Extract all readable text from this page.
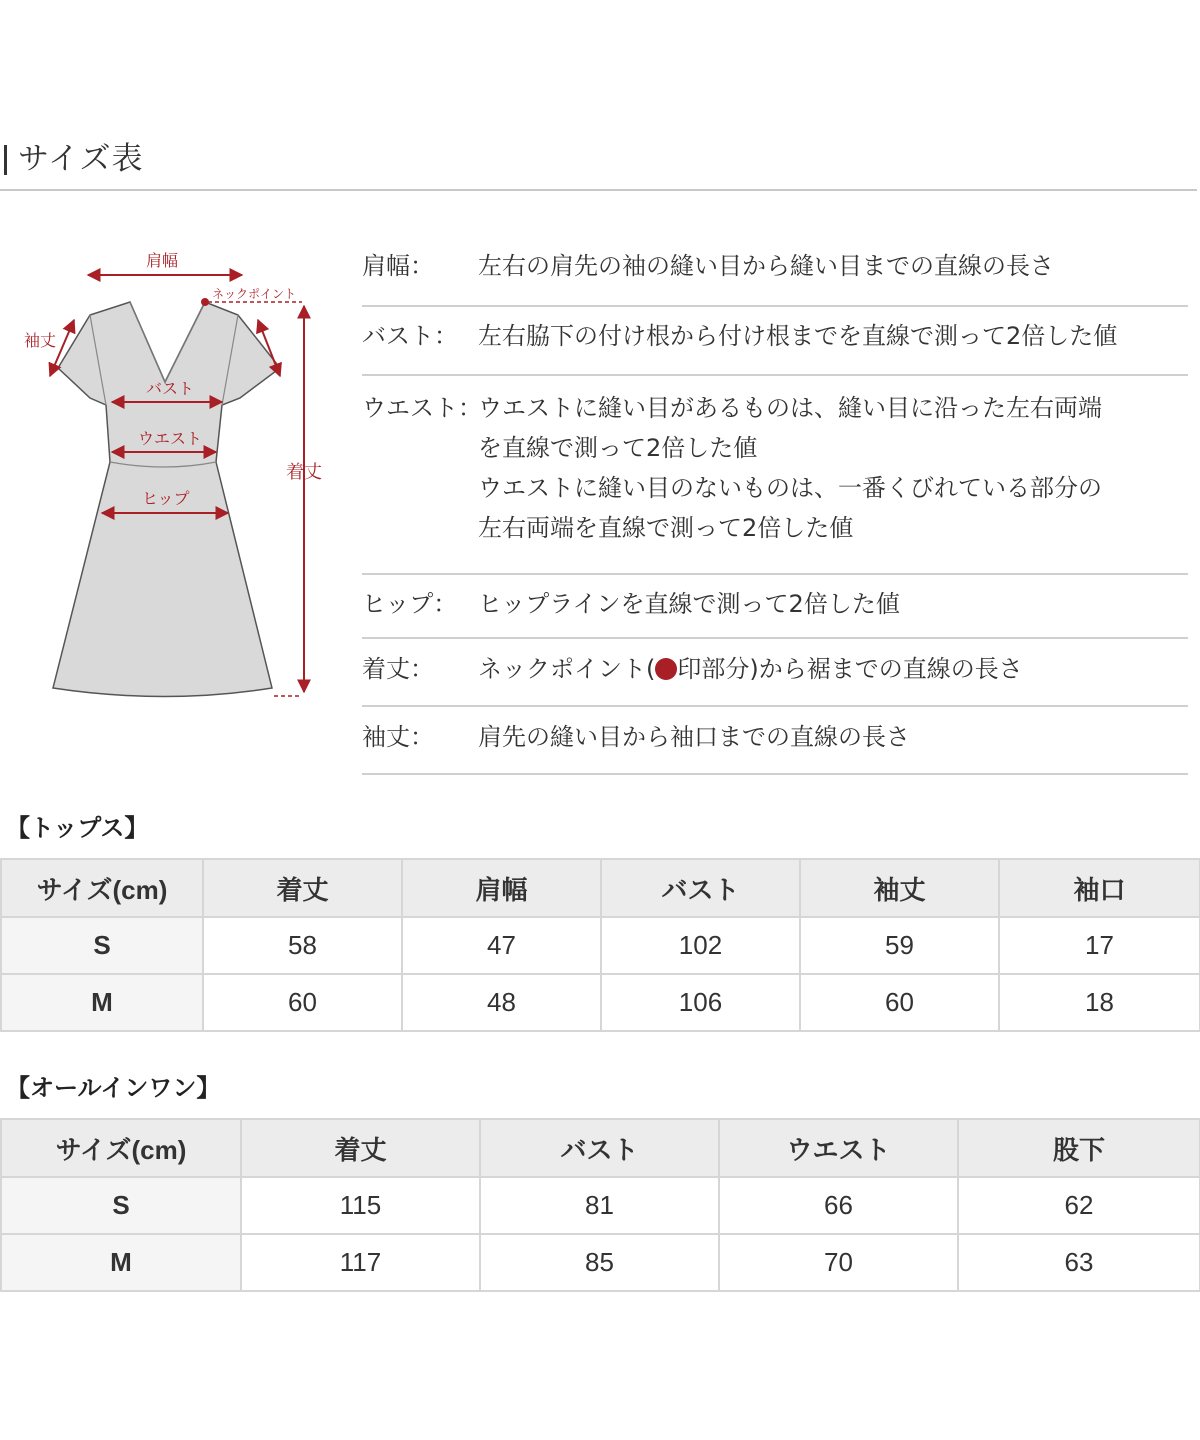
サイズ表
肩幅
ネックポイント
袖丈
バスト
ウエスト
ヒップ
着丈
肩幅：	左右の肩先の袖の縫い目から縫い目までの直線の長さ
バスト： 左右脇下の付け根から付け根までを直線で測って2倍した値
ウエスト：
ウエストに縫い目があるものは、縫い目に沿った左右両端
を直線で測って2倍した値
ウエストに縫い目のないものは、一番くびれている部分の
左右両端を直線で測って2倍した値
ヒップ： ヒップラインを直線で測って2倍した値
着丈：	ネックポイント( 印部分)から裾までの直線の長さ
袖丈：	肩先の縫い目から袖口までの直線の長さ
【トップス】
サイズ(cm)	着丈	肩幅	バスト	袖丈	袖口
S	58	47	102	59	17
M	60	48	106	60	18
【オールインワン】
サイズ(cm)	着丈	バスト	ウエスト	股下
S	115	81	66	62
M	117	85	70	63
